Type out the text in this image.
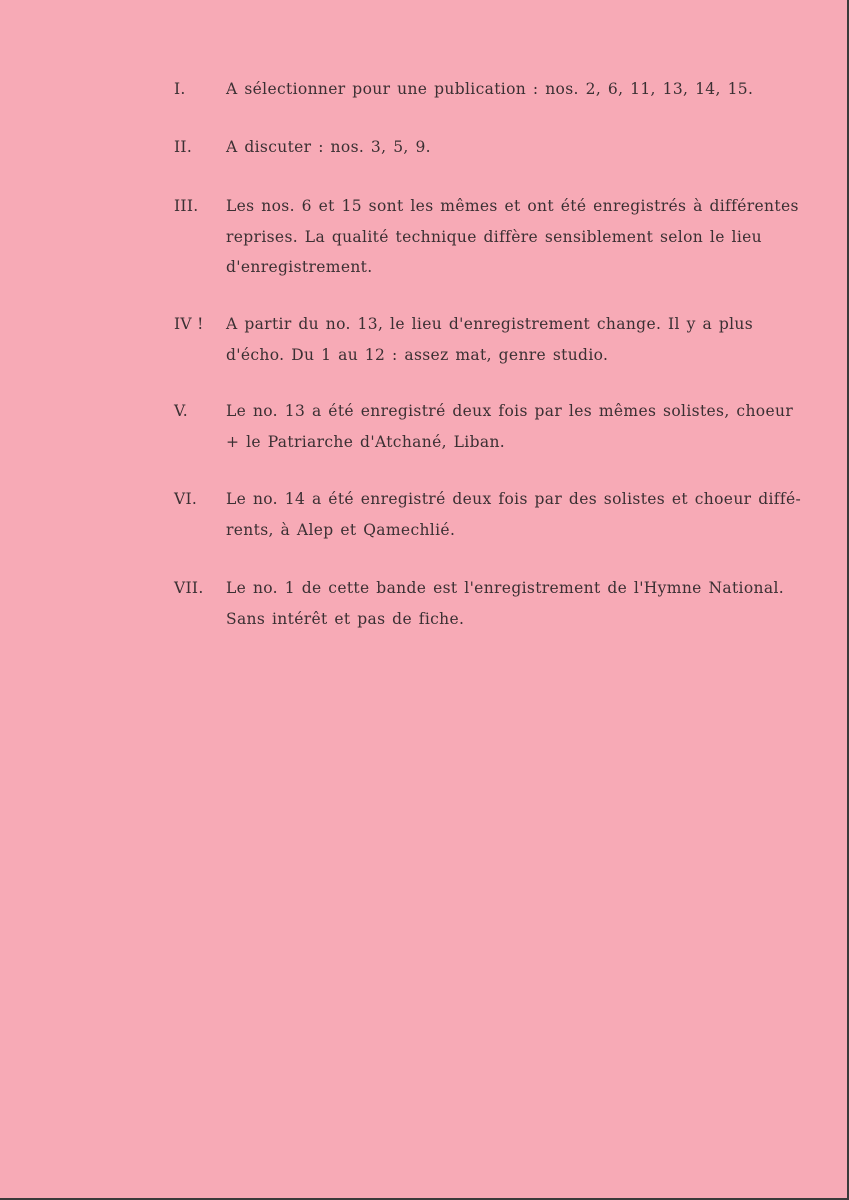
I.	A sélectionner pour une publication : nos. 2, 6, 11, 13, 14, 15.
II. A discuter : nos. 3, 5, 9.
III. Les nos. 6 et 15 sont les mêmes et ont été enregistrés à différentes
reprises. La qualité technique diffère sensiblement selon le lieu
d'enregistrement.
IV ! A partir du no. 13, le lieu d'enregistrement change. Il y a plus
d'écho. Du 1 au 12 : assez mat, genre studio.
V. Le no. 13 a été enregistré deux fois par les mêmes solistes, choeur
+ le Patriarche d'Atchané, Liban.
VI. Le no. 14 a été enregistré deux fois par des solistes et choeur diffé-
rents, à Alep et Qamechlié.
VII. Le no. 1 de cette bande est l'enregistrement de l'Hymne National.
Sans intérêt et pas de fiche.
